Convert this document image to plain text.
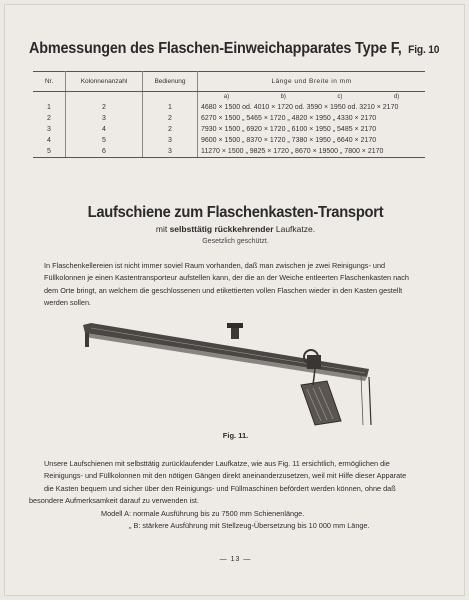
Abmessungen des Flaschen-Einweichapparates Type F, Fig. 10
Nr.	Kolonnenanzahl	Bedienung	Länge und Breite in mm

			a) b) c) d)

1	2	1	4680 × 1500 od. 4010 × 1720 od. 3590 × 1950 od. 3210 × 2170
2	3	2	6270 × 1500 „ 5465 × 1720 „ 4820 × 1950 „ 4330 × 2170
3	4	2	7930 × 1500 „ 6920 × 1720 „ 6100 × 1950 „ 5485 × 2170
4	5	3	9600 × 1500 „ 8370 × 1720 „ 7380 × 1950 „ 6640 × 2170
5	6	3	11270 × 1500 „ 9825 × 1720 „ 8670 × 19500 „ 7800 × 2170
Laufschiene zum Flaschenkasten-Transport
mit selbsttätig rückkehrender Laufkatze.
Gesetzlich geschützt.
In Flaschenkellereien ist nicht immer soviel Raum vorhanden, daß man zwischen je zwei Reinigungs- und
Füllkolonnen je einen Kastentransporteur aufstellen kann, der die an der Weiche entleerten Flaschenkasten nach
dem Orte bringt, an welchem die geschlossenen und etikettierten vollen Flaschen wieder in den Kasten gestellt
werden sollen.
Fig. 11.
Unsere Laufschienen mit selbsttätig zurücklaufender Laufkatze, wie aus Fig. 11 ersichtlich, ermöglichen die
Reinigungs- und Füllkolonnen mit den nötigen Gängen direkt aneinanderzusetzen, weil mit Hilfe dieser Apparate
die Kasten bequem und sicher über den Reinigungs- und Füllmaschinen befördert werden können, ohne daß
besondere Aufmerksamkeit darauf zu verwenden ist.
Modell A: normale Ausführung bis zu 7500 mm Schienenlänge.
„ B: stärkere Ausführung mit Stellzeug-Übersetzung bis 10 000 mm Länge.
— 13 —
